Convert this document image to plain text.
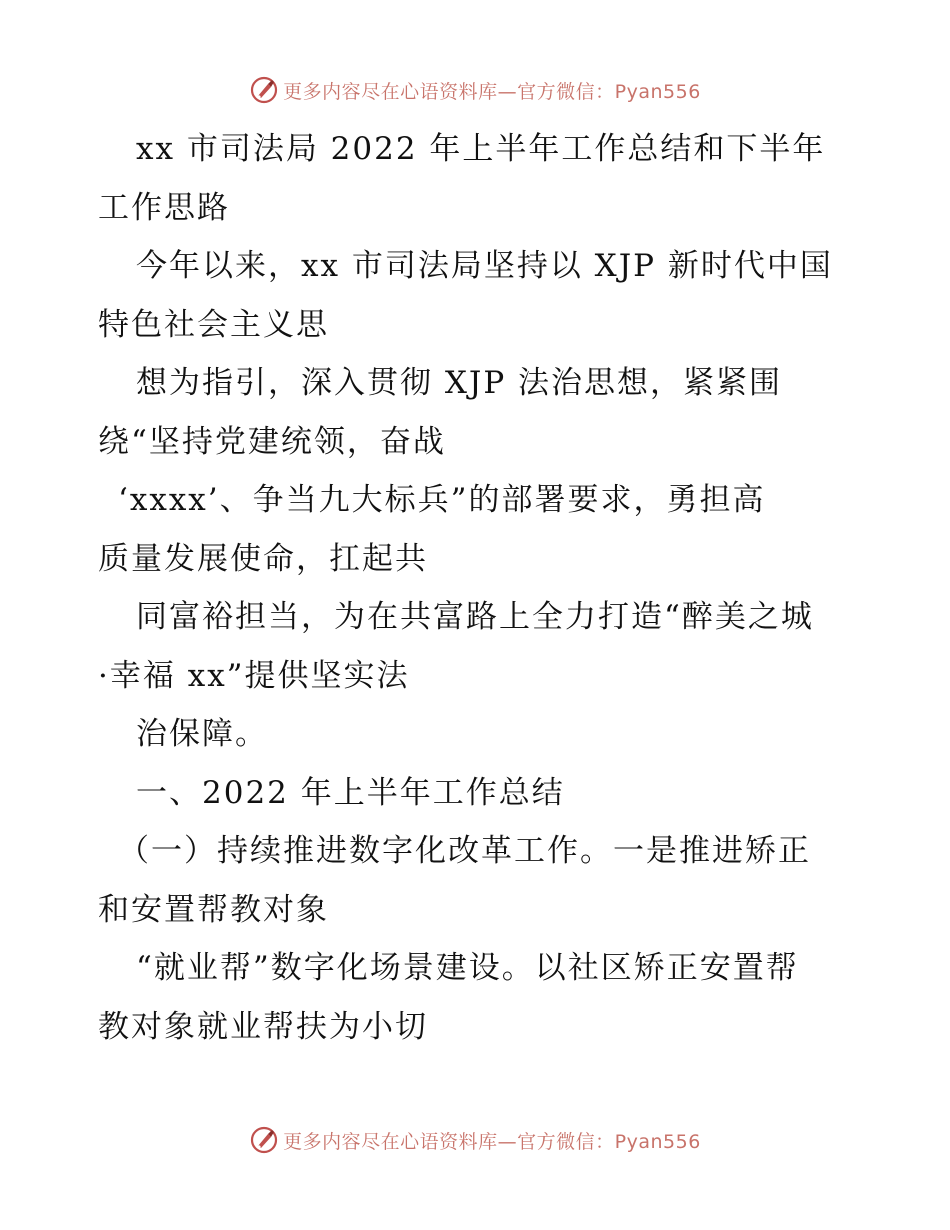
更多内容尽在心语资料库—官方微信：Pyan556
xx 市司法局 2022 年上半年工作总结和下半年
工作思路
今年以来，xx 市司法局坚持以 XJP 新时代中国
特色社会主义思
想为指引，深入贯彻 XJP 法治思想，紧紧围
绕“坚持党建统领，奋战
‘xxxx’、争当九大标兵”的部署要求，勇担高
质量发展使命，扛起共
同富裕担当，为在共富路上全力打造“醉美之城
·幸福 xx”提供坚实法
治保障。
一、2022 年上半年工作总结
（一）持续推进数字化改革工作。一是推进矫正
和安置帮教对象
“就业帮”数字化场景建设。以社区矫正安置帮
教对象就业帮扶为小切
更多内容尽在心语资料库—官方微信：Pyan556
